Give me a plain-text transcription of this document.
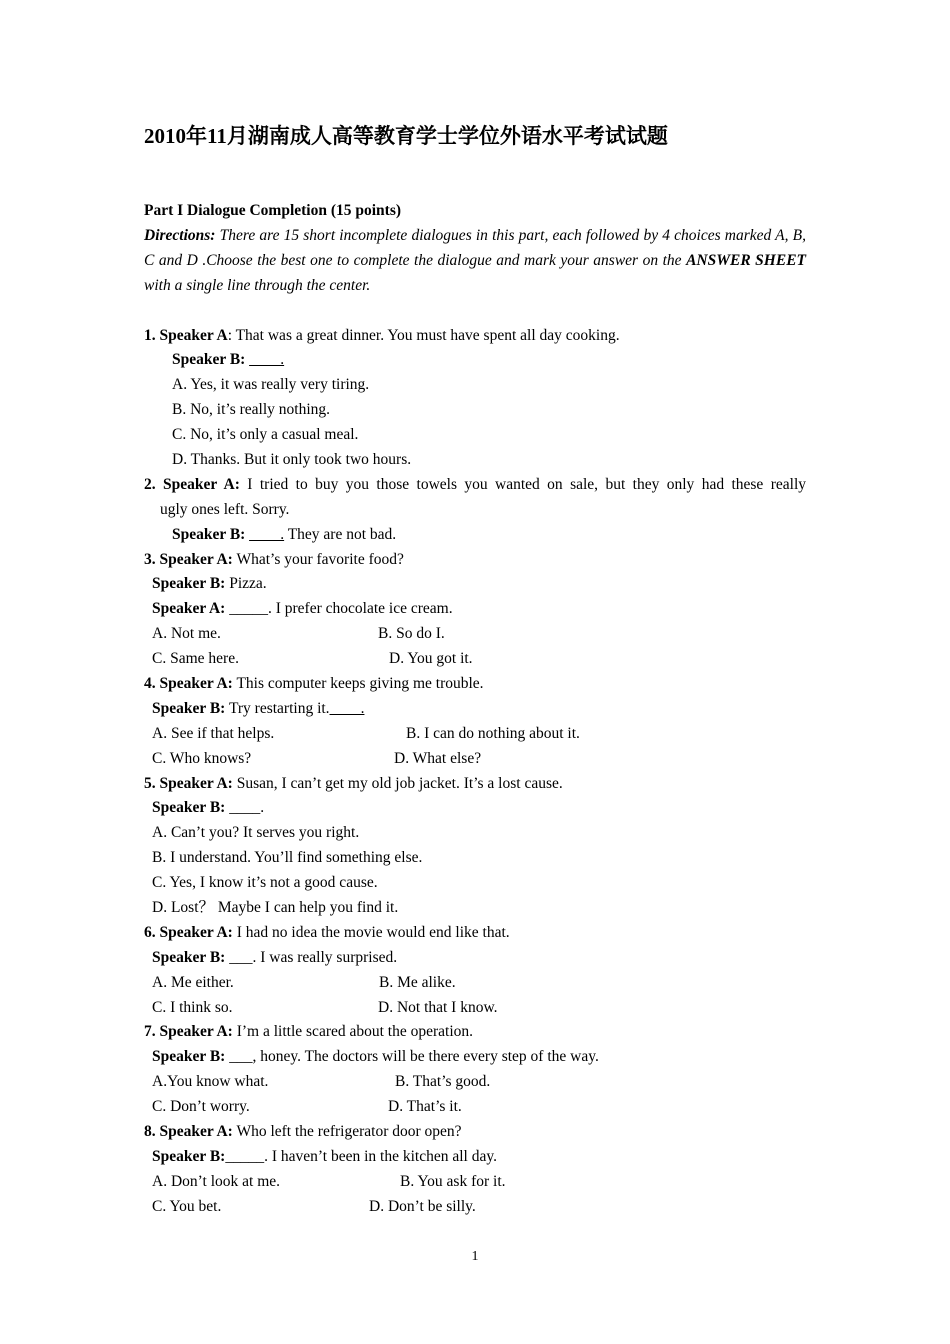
2010年11月湖南成人高等教育学士学位外语水平考试试题
Part I Dialogue Completion (15 points)
Directions: There are 15 short incomplete dialogues in this part, each followed by 4 choices marked A, B, C and D .Choose the best one to complete the dialogue and mark your answer on the ANSWER SHEET with a single line through the center.
1. Speaker A: That was a great dinner. You must have spent all day cooking.
Speaker B: ____.
A. Yes, it was really very tiring.
B. No, it’s really nothing.
C. No, it’s only a casual meal.
D. Thanks. But it only took two hours.
2. Speaker A: I tried to buy you those towels you wanted on sale, but they only had these really
ugly ones left. Sorry.
Speaker B: ____. They are not bad.
3. Speaker A: What’s your favorite food?
Speaker B: Pizza.
Speaker A: _____. I prefer chocolate ice cream.
A. Not me.	B. So do I.
C. Same here.	D. You got it.
4. Speaker A: This computer keeps giving me trouble.
Speaker B: Try restarting it.____.
A. See if that helps.	B. I can do nothing about it.
C. Who knows?	D. What else?
5. Speaker A: Susan, I can’t get my old job jacket. It’s a lost cause.
Speaker B: ____.
A. Can’t you? It serves you right.
B. I understand. You’ll find something else.
C. Yes, I know it’s not a good cause.
D. Lost？ Maybe I can help you find it.
6. Speaker A: I had no idea the movie would end like that.
Speaker B: ___. I was really surprised.
A. Me either.	B. Me alike.
C. I think so.	D. Not that I know.
7. Speaker A: I’m a little scared about the operation.
Speaker B: ___, honey. The doctors will be there every step of the way.
A.You know what.	B. That’s good.
C. Don’t worry.	D. That’s it.
8. Speaker A: Who left the refrigerator door open?
Speaker B:_____. I haven’t been in the kitchen all day.
A. Don’t look at me.	B. You ask for it.
C. You bet.	D. Don’t be silly.
1
